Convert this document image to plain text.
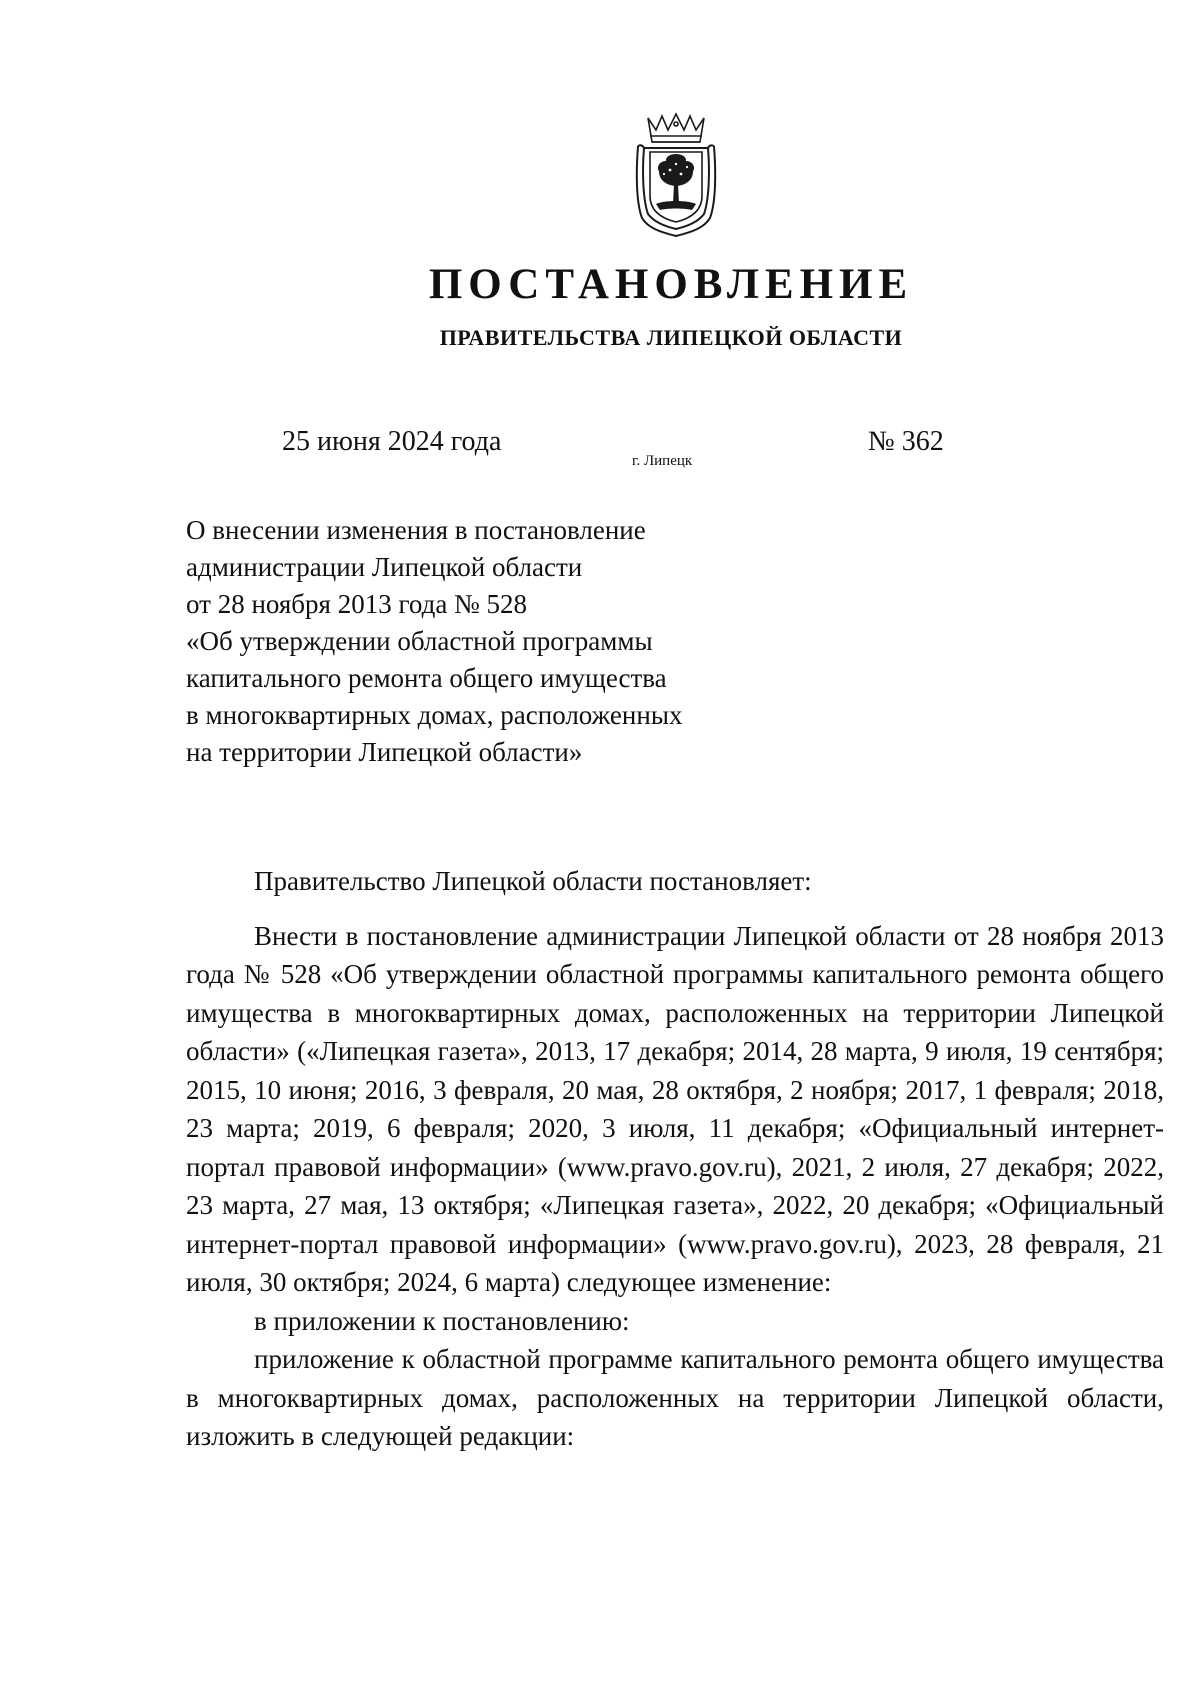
ПОСТАНОВЛЕНИЕ
ПРАВИТЕЛЬСТВА ЛИПЕЦКОЙ ОБЛАСТИ
25 июня 2024 года
г. Липецк
№ 362
О внесении изменения в постановление
администрации Липецкой области
от 28 ноября 2013 года № 528
«Об утверждении областной программы
капитального ремонта общего имущества
в многоквартирных домах, расположенных
на территории Липецкой области»

Правительство Липецкой области постановляет:

Внести в постановление администрации Липецкой области от 28 ноября 2013 года № 528 «Об утверждении областной программы капитального ремонта общего имущества в многоквартирных домах, расположенных на территории Липецкой области» («Липецкая газета», 2013, 17 декабря; 2014, 28 марта, 9 июля, 19 сентября; 2015, 10 июня; 2016, 3 февраля, 20 мая, 28 октября, 2 ноября; 2017, 1 февраля; 2018, 23 марта; 2019, 6 февраля; 2020, 3 июля, 11 декабря; «Официальный интернет-портал правовой информации» (www.pravo.gov.ru), 2021, 2 июля, 27 декабря; 2022, 23 марта, 27 мая, 13 октября; «Липецкая газета», 2022, 20 декабря; «Официальный интернет-портал правовой информации» (www.pravo.gov.ru), 2023, 28 февраля, 21 июля, 30 октября; 2024, 6 марта) следующее изменение:

в приложении к постановлению:

приложение к областной программе капитального ремонта общего имущества в многоквартирных домах, расположенных на территории Липецкой области, изложить в следующей редакции:
